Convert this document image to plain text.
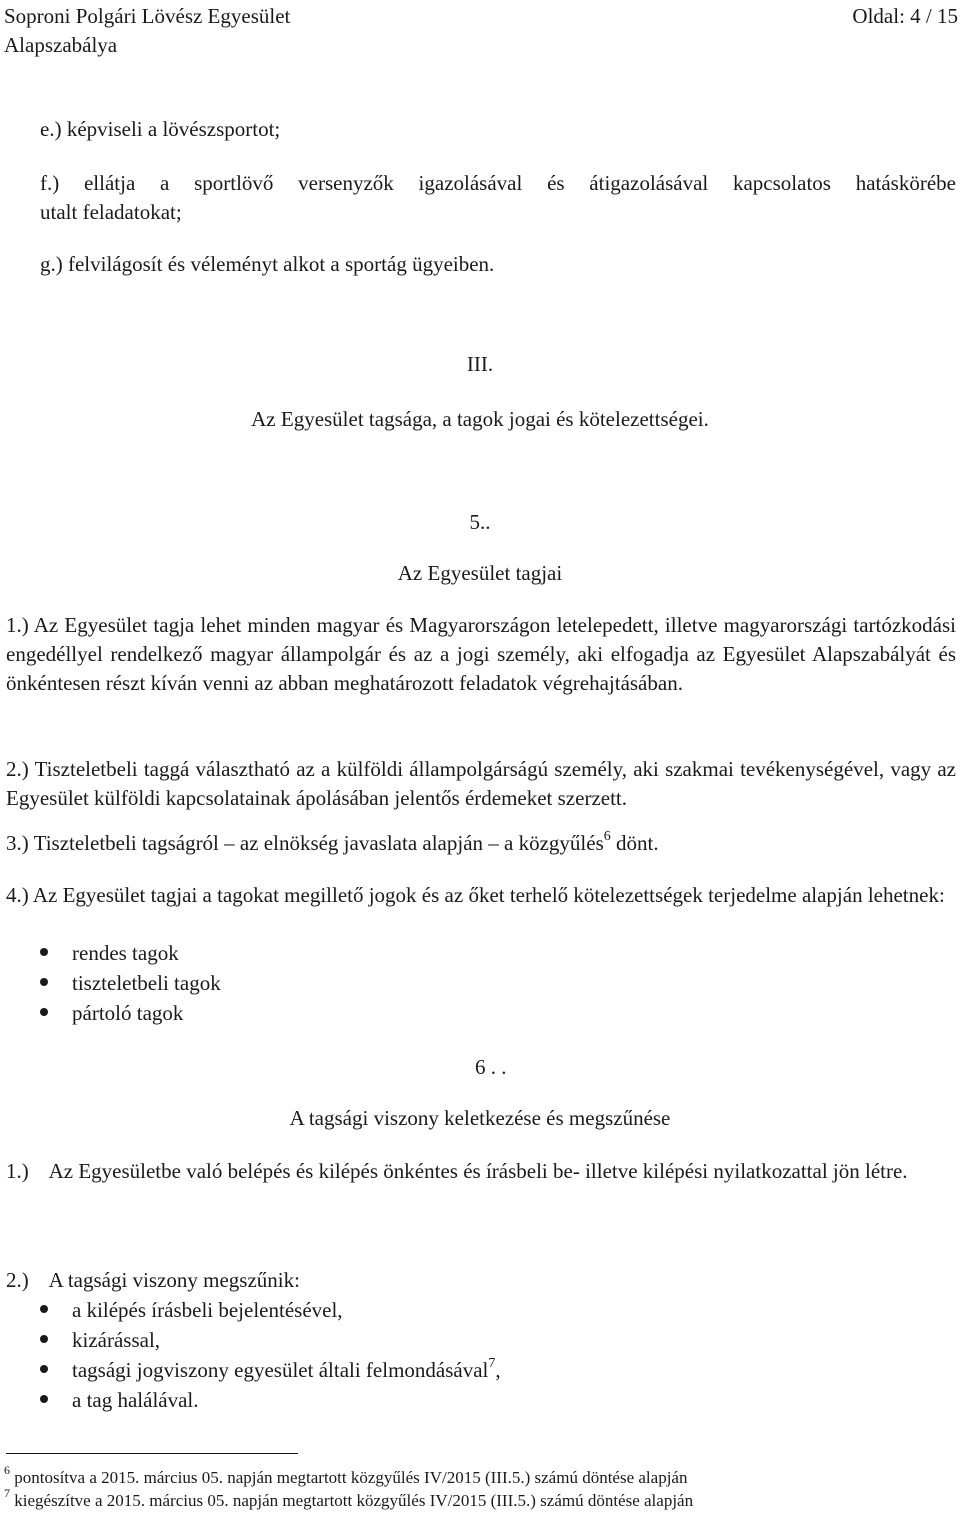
Soproni Polgári Lövész Egyesület	Oldal: 4 / 15
Alapszabálya
e.) képviseli a lövészsportot;
f.) ellátja a sportlövő versenyzők igazolásával és átigazolásával kapcsolatos hatáskörébe
utalt feladatokat;
g.) felvilágosít és véleményt alkot a sportág ügyeiben.
III.
Az Egyesület tagsága, a tagok jogai és kötelezettségei.
5..
Az Egyesület tagjai
1.) Az Egyesület tagja lehet minden magyar és Magyarországon letelepedett, illetve magyarországi tartózkodási engedéllyel rendelkező magyar állampolgár és az a jogi személy, aki elfogadja az Egyesület Alapszabályát és önkéntesen részt kíván venni az abban meghatározott feladatok végrehajtásában.
2.) Tiszteletbeli taggá választható az a külföldi állampolgárságú személy, aki szakmai tevékenységével, vagy az Egyesület külföldi kapcsolatainak ápolásában jelentős érdemeket szerzett.
3.) Tiszteletbeli tagságról – az elnökség javaslata alapján – a közgyűlés$^6$ dönt.
4.) Az Egyesület tagjai a tagokat megillető jogok és az őket terhelő kötelezettségek terjedelme alapján lehetnek:
rendes tagok
tiszteletbeli tagok
pártoló tagok
6 . .
A tagsági viszony keletkezése és megszűnése
1.)    Az Egyesületbe való belépés és kilépés önkéntes és írásbeli be- illetve kilépési nyilatkozattal jön létre.
2.)    A tagsági viszony megszűnik:
a kilépés írásbeli bejelentésével,
kizárással,
tagsági jogviszony egyesület általi felmondásával$^7$,
a tag halálával.
$^6$ pontosítva a 2015. március 05. napján megtartott közgyűlés IV/2015 (III.5.) számú döntése alapján
$^7$ kiegészítve a 2015. március 05. napján megtartott közgyűlés IV/2015 (III.5.) számú döntése alapján
